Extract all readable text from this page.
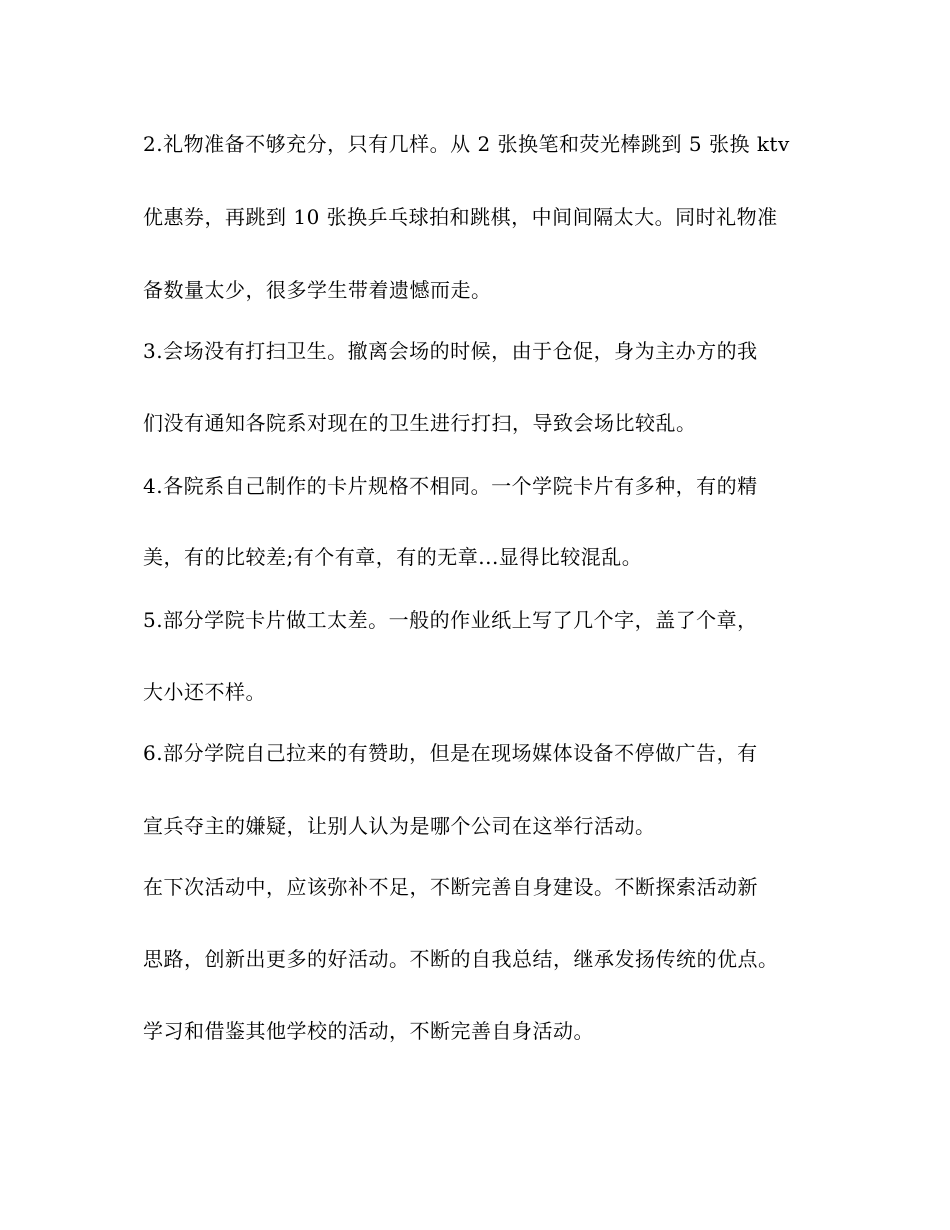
2.礼物准备不够充分，只有几样。从 2 张换笔和荧光棒跳到 5 张换 ktv
优惠券，再跳到 10 张换乒乓球拍和跳棋，中间间隔太大。同时礼物准
备数量太少，很多学生带着遗憾而走。
3.会场没有打扫卫生。撤离会场的时候，由于仓促，身为主办方的我
们没有通知各院系对现在的卫生进行打扫，导致会场比较乱。
4.各院系自己制作的卡片规格不相同。一个学院卡片有多种，有的精
美，有的比较差;有个有章，有的无章...显得比较混乱。
5.部分学院卡片做工太差。一般的作业纸上写了几个字，盖了个章，
大小还不样。
6.部分学院自己拉来的有赞助，但是在现场媒体设备不停做广告，有
宣兵夺主的嫌疑，让别人认为是哪个公司在这举行活动。
在下次活动中，应该弥补不足，不断完善自身建设。不断探索活动新
思路，创新出更多的好活动。不断的自我总结，继承发扬传统的优点。
学习和借鉴其他学校的活动，不断完善自身活动。
